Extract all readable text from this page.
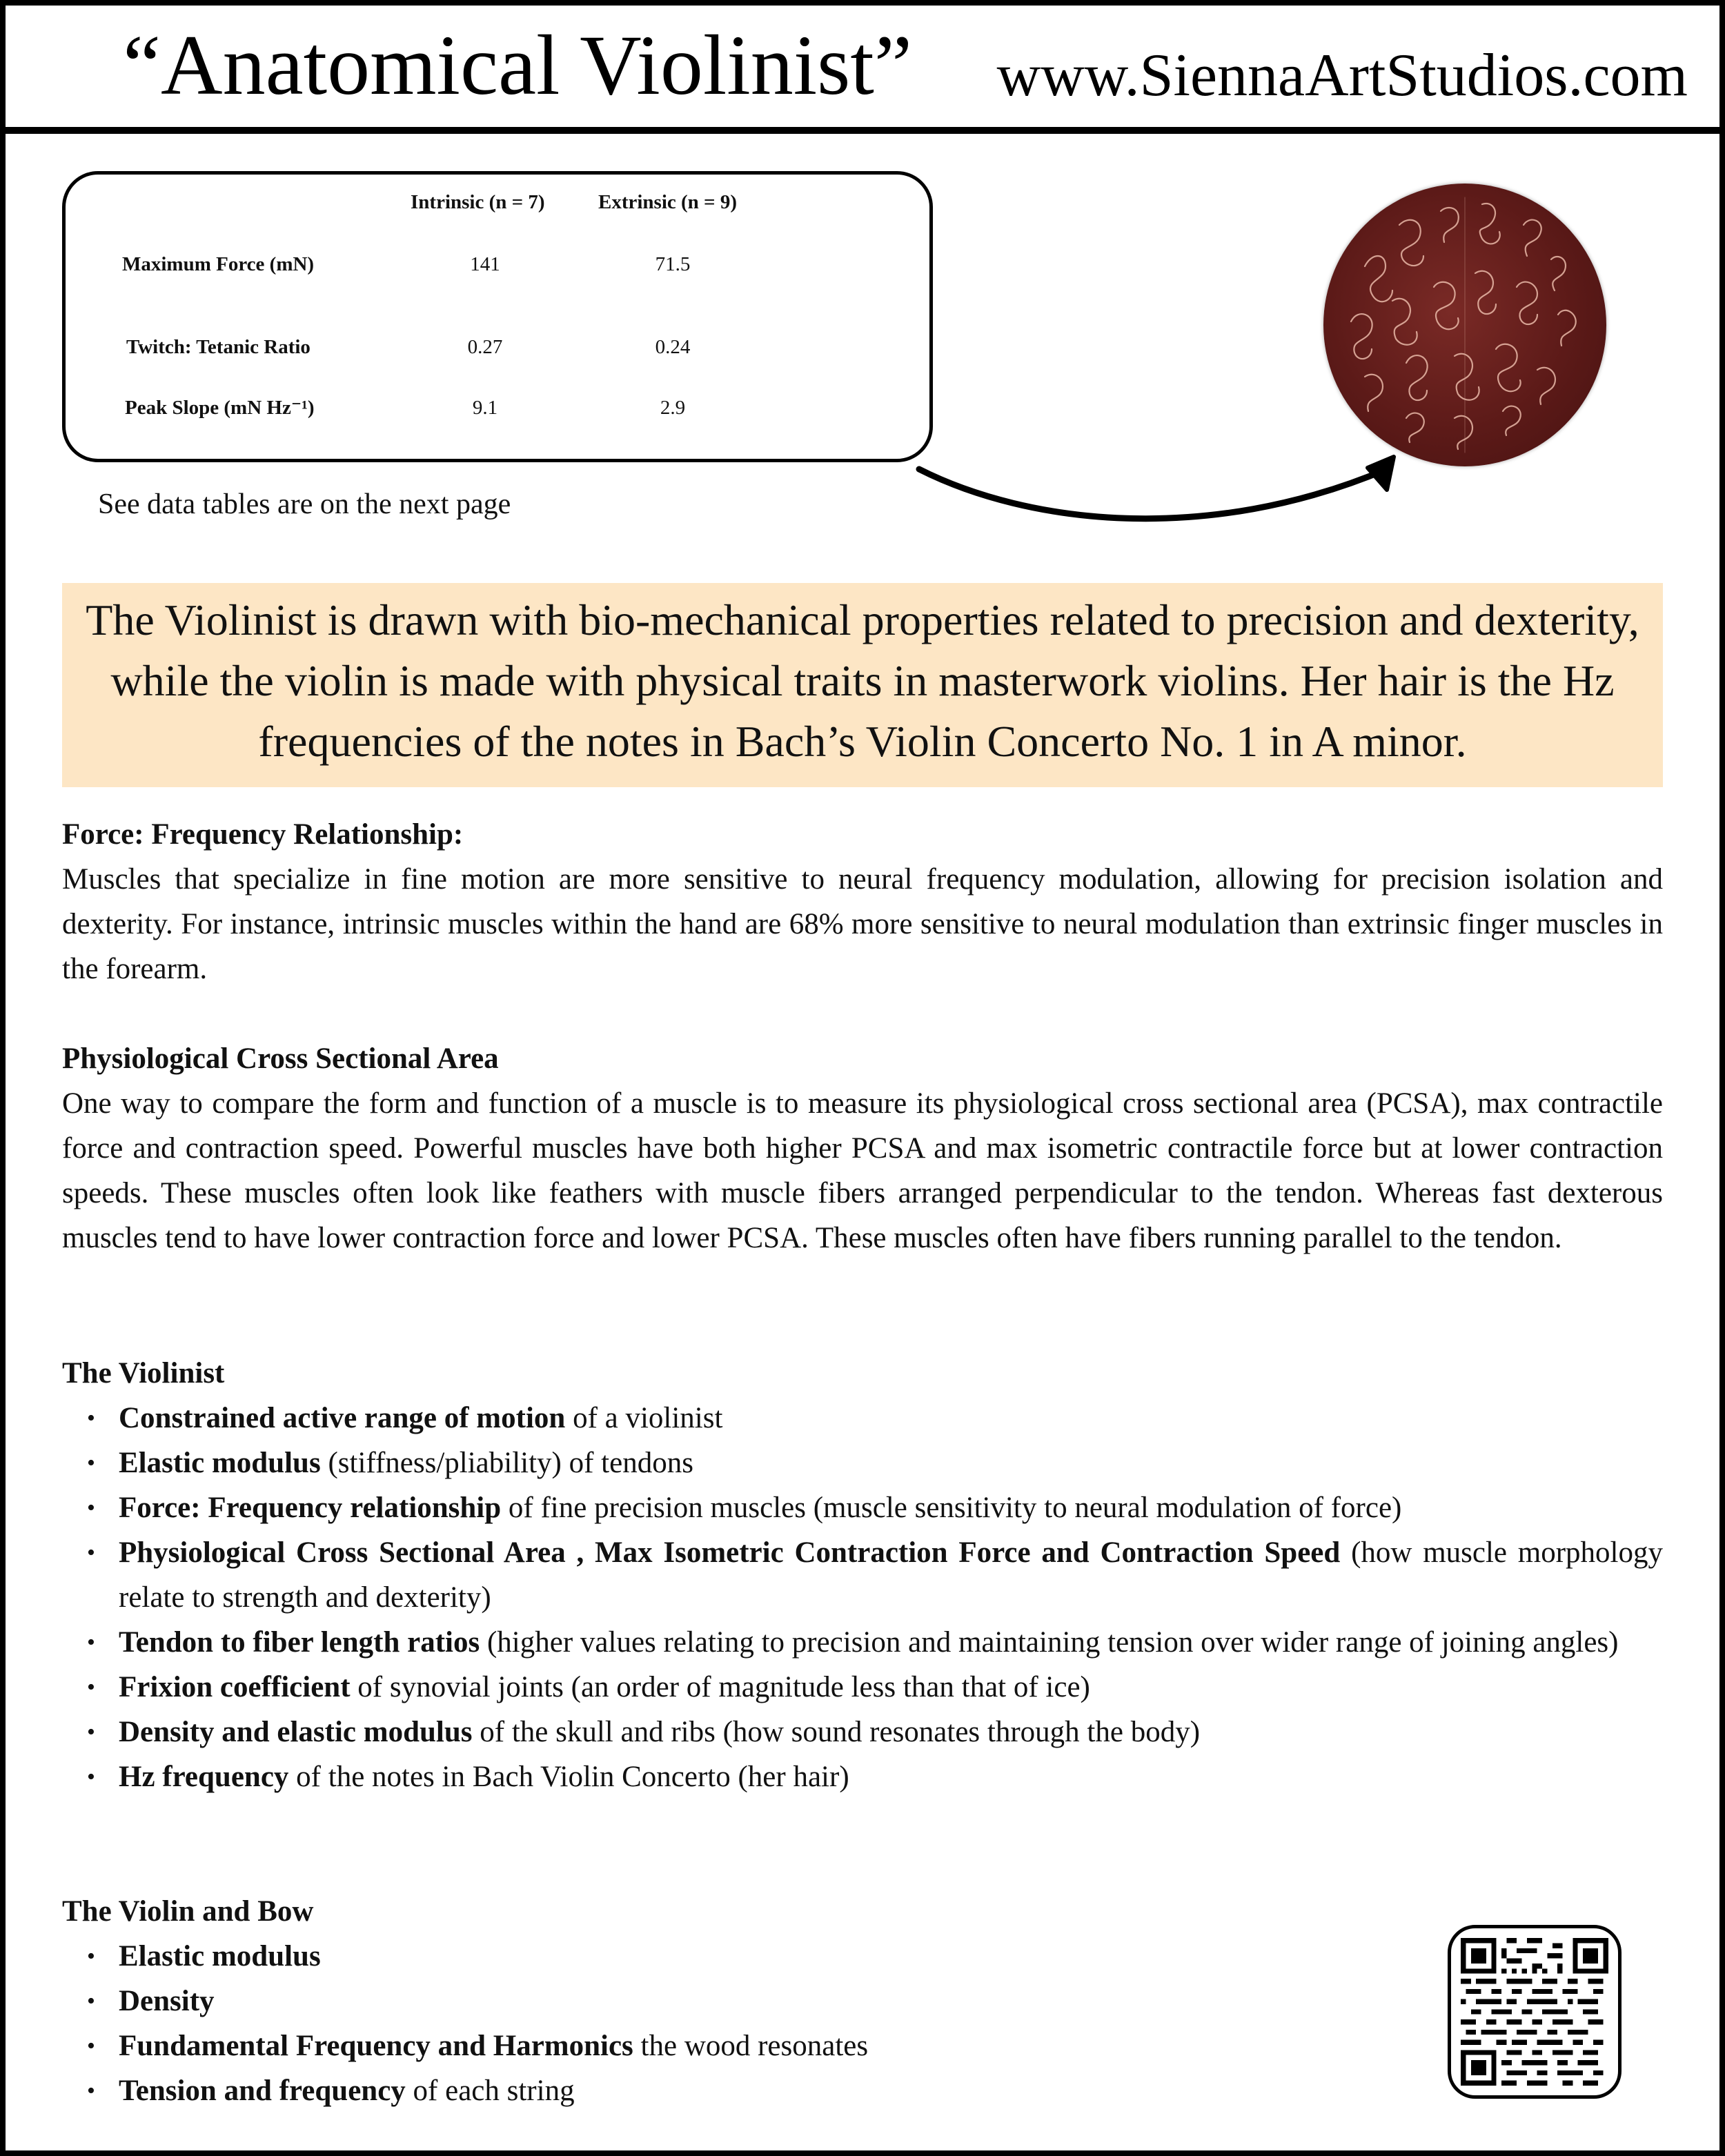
“Anatomical Violinist” www.SiennaArtStudios.com
Intrinsic (n = 7)	Extrinsic (n = 9)
Maximum Force (mN)	141	71.5
Twitch: Tetanic Ratio	0.27	0.24
Peak Slope (mN Hz⁻¹)	9.1	2.9
See data tables are on the next page
The Violinist is drawn with bio-mechanical properties related to precision and dexterity, while the violin is made with physical traits in masterwork violins. Her hair is the Hz frequencies of the notes in Bach’s Violin Concerto No. 1 in A minor.

Force: Frequency Relationship:

Muscles that specialize in fine motion are more sensitive to neural frequency modulation, allowing for precision isolation and dexterity. For instance, intrinsic muscles within the hand are 68% more sensitive to neural modulation than extrinsic finger muscles in the forearm.

Physiological Cross Sectional Area

One way to compare the form and function of a muscle is to measure its physiological cross sectional area (PCSA), max contractile force and contraction speed. Powerful muscles have both higher PCSA and max isometric contractile force but at lower contraction speeds. These muscles often look like feathers with muscle fibers arranged perpendicular to the tendon. Whereas fast dexterous muscles tend to have lower contraction force and lower PCSA. These muscles often have fibers running parallel to the tendon.

The Violinist

• Constrained active range of motion of a violinist
• Elastic modulus (stiffness/pliability) of tendons
• Force: Frequency relationship of fine precision muscles (muscle sensitivity to neural modulation of force)
• Physiological Cross Sectional Area , Max Isometric Contraction Force and Contraction Speed (how muscle morphology relate to strength and dexterity)
• Tendon to fiber length ratios (higher values relating to precision and maintaining tension over wider range of joining angles)
• Frixion coefficient of synovial joints (an order of magnitude less than that of ice)
• Density and elastic modulus of the skull and ribs (how sound resonates through the body)
• Hz frequency of the notes in Bach Violin Concerto (her hair)

The Violin and Bow

• Elastic modulus
• Density
• Fundamental Frequency and Harmonics the wood resonates
• Tension and frequency of each string
